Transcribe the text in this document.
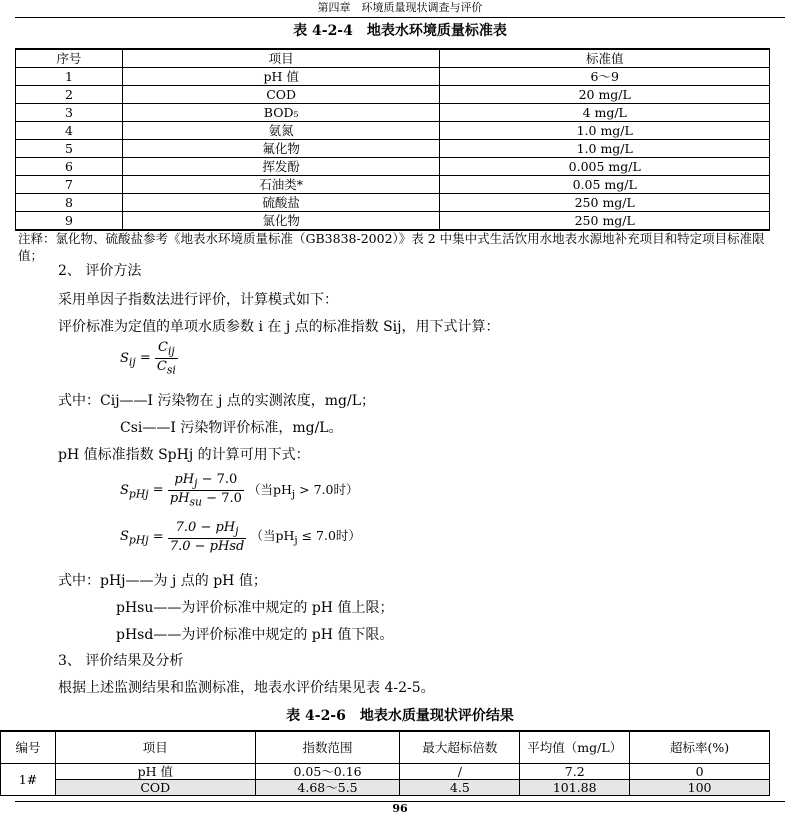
第四章　环境质量现状调查与评价
表 4-2-4　地表水环境质量标准表
序号	项目	标准值
1	pH 值	6～9
2	COD	20 mg/L
3	BOD₅	4 mg/L
4	氨氮	1.0 mg/L
5	氟化物	1.0 mg/L
6	挥发酚	0.005 mg/L
7	石油类*	0.05 mg/L
8	硫酸盐	250 mg/L
9	氯化物	250 mg/L
注释：氯化物、硫酸盐参考《地表水环境质量标准（GB3838-2002）》表 2 中集中式生活饮用水地表水源地补充项目和特定项目标准限值；
2、 评价方法
采用单因子指数法进行评价，计算模式如下：
评价标准为定值的单项水质参数 i 在 j 点的标准指数 Sij，用下式计算：
$S_{ij} = \frac{C_{ij}}{C_{si}}$
式中：Cij——I 污染物在 j 点的实测浓度，mg/L；
Csi——I 污染物评价标准，mg/L。
pH 值标准指数 SpHj 的计算可用下式：
$S_{pHj} = \frac{pH_j - 7.0}{pH_{su} - 7.0}$ （当$pH_j > 7.0$时）
$S_{pHj} = \frac{7.0 - pH_j}{\text{7.0 − pHsd}}$ （当$pH_j \le 7.0$时）
式中：pHj——为 j 点的 pH 值；
pHsu——为评价标准中规定的 pH 值上限；
pHsd——为评价标准中规定的 pH 值下限。
3、 评价结果及分析
根据上述监测结果和监测标准，地表水评价结果见表 4-2-5。
表 4-2-6　地表水质量现状评价结果
编号	项目	指数范围	最大超标倍数	平均值（mg/L）	超标率(%)
1#	pH 值	0.05～0.16	/	7.2	0
	COD	4.68～5.5	4.5	101.88	100
96
